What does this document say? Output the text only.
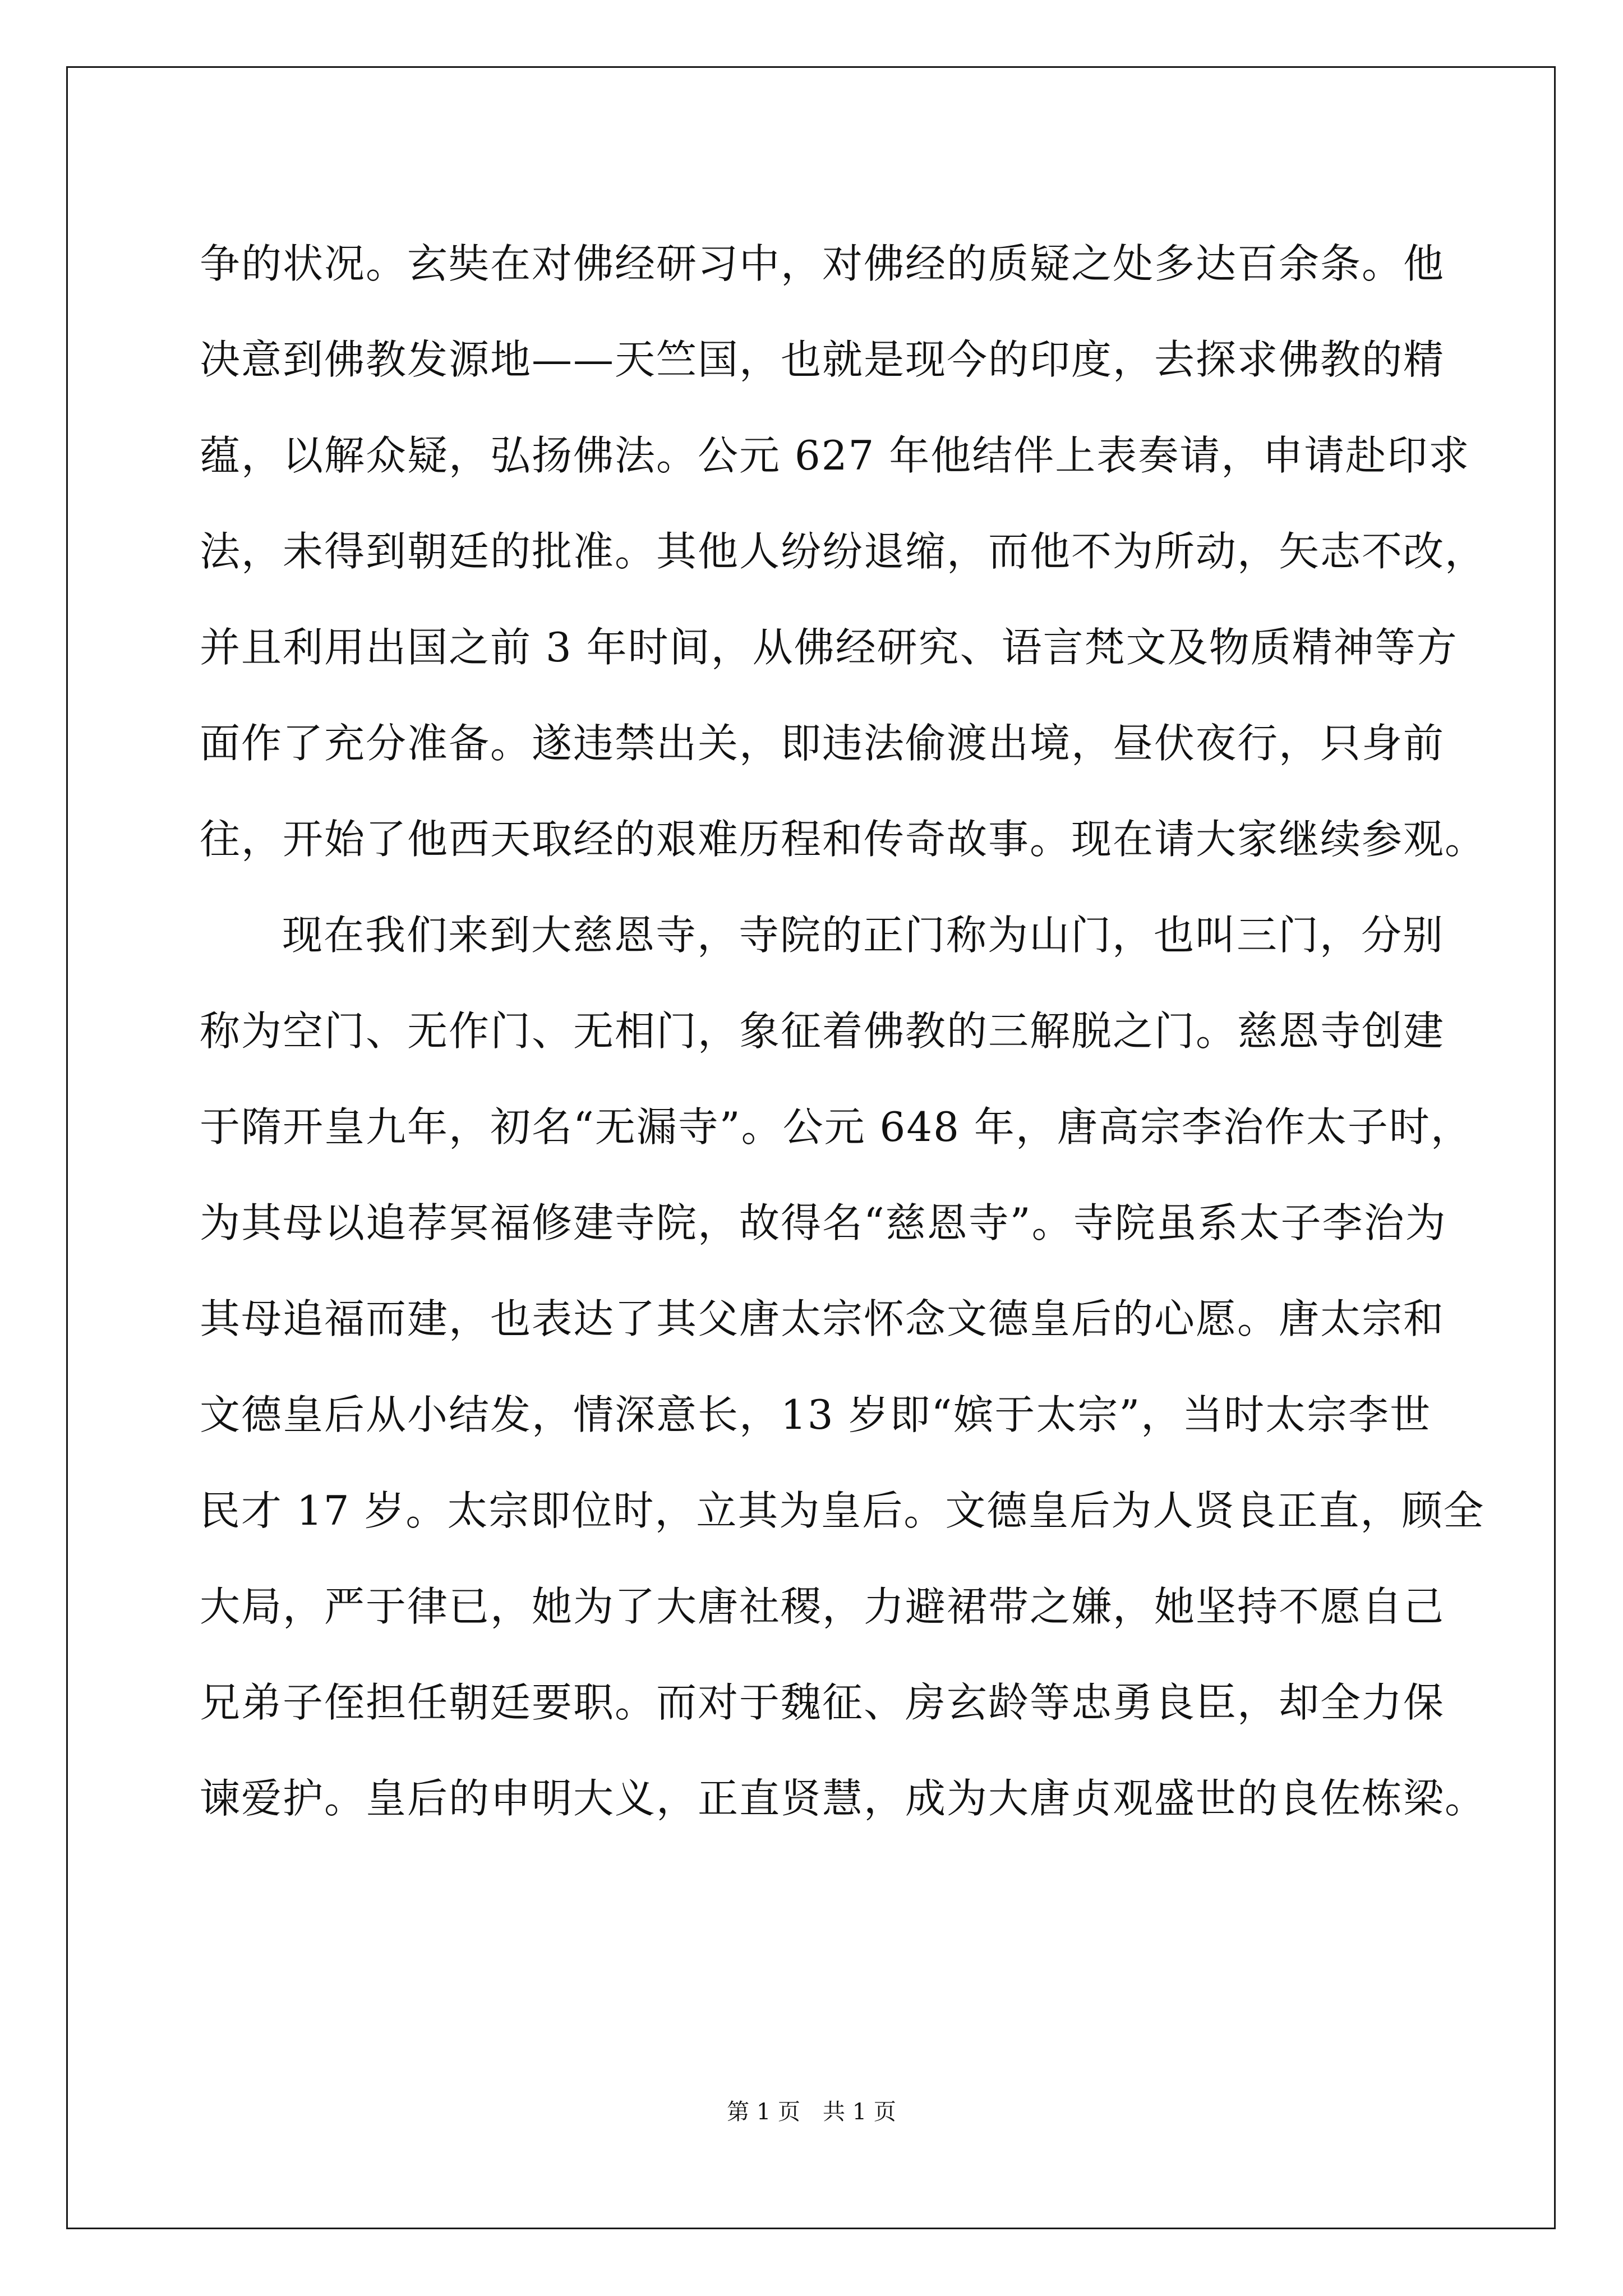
争的状况。玄奘在对佛经研习中，对佛经的质疑之处多达百余条。他
决意到佛教发源地——天竺国，也就是现今的印度，去探求佛教的精
蕴，以解众疑，弘扬佛法。公元 627 年他结伴上表奏请，申请赴印求
法，未得到朝廷的批准。其他人纷纷退缩，而他不为所动，矢志不改，
并且利用出国之前 3 年时间，从佛经研究、语言梵文及物质精神等方
面作了充分准备。遂违禁出关，即违法偷渡出境，昼伏夜行，只身前
往，开始了他西天取经的艰难历程和传奇故事。现在请大家继续参观。
现在我们来到大慈恩寺，寺院的正门称为山门，也叫三门，分别
称为空门、无作门、无相门，象征着佛教的三解脱之门。慈恩寺创建
于隋开皇九年，初名“无漏寺”。公元 648 年，唐高宗李治作太子时，
为其母以追荐冥福修建寺院，故得名“慈恩寺”。寺院虽系太子李治为
其母追福而建，也表达了其父唐太宗怀念文德皇后的心愿。唐太宗和
文德皇后从小结发，情深意长，13 岁即“嫔于太宗”，当时太宗李世
民才 17 岁。太宗即位时，立其为皇后。文德皇后为人贤良正直，顾全
大局，严于律已，她为了大唐社稷，力避裙带之嫌，她坚持不愿自己
兄弟子侄担任朝廷要职。而对于魏征、房玄龄等忠勇良臣，却全力保
谏爱护。皇后的申明大义，正直贤慧，成为大唐贞观盛世的良佐栋梁。
第 1 页 共 1 页
